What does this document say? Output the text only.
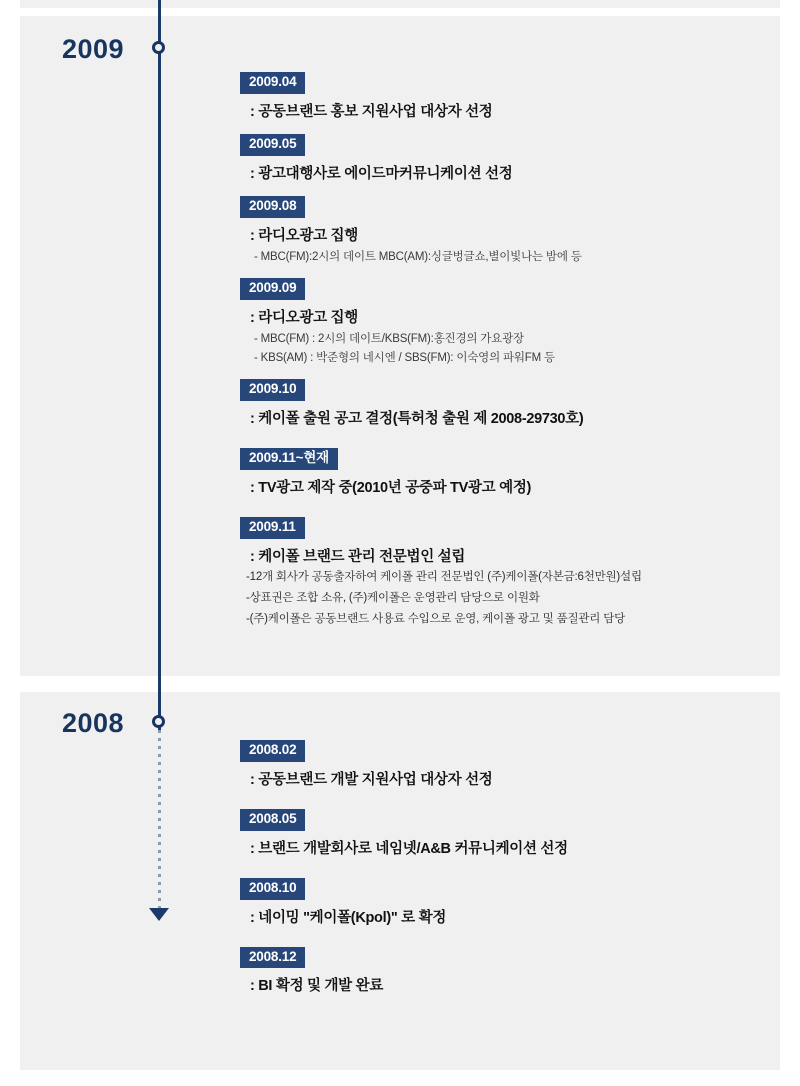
2009
2008
2009.04
: 공동브랜드 홍보 지원사업 대상자 선정
2009.05
: 광고대행사로 에이드마커뮤니케이션 선정
2009.08
: 라디오광고 집행
- MBC(FM):2시의 데이트 MBC(AM):싱글벙글쇼,별이빛나는 밤에 등
2009.09
: 라디오광고 집행
- MBC(FM) : 2시의 데이트/KBS(FM):홍진경의 가요광장
- KBS(AM) : 박준형의 네시엔 / SBS(FM): 이숙영의 파워FM 등
2009.10
: 케이폴 출원 공고 결정(특허청 출원 제 2008-29730호)
2009.11~현재
: TV광고 제작 중(2010년 공중파 TV광고 예정)
2009.11
: 케이폴 브랜드 관리 전문법인 설립
-12개 회사가 공동출자하여 케이폴 관리 전문법인 (주)케이폴(자본금:6천만원)설립
-상표권은 조합 소유, (주)케이폴은 운영관리 담당으로 이원화
-(주)케이폴은 공동브랜드 사용료 수입으로 운영, 케이폴 광고 및 품질관리 담당
2008.02
: 공동브랜드 개발 지원사업 대상자 선정
2008.05
: 브랜드 개발회사로 네임넷/A&B 커뮤니케이션 선정
2008.10
: 네이밍 "케이폴(Kpol)" 로 확정
2008.12
: BI 확정 및 개발 완료
